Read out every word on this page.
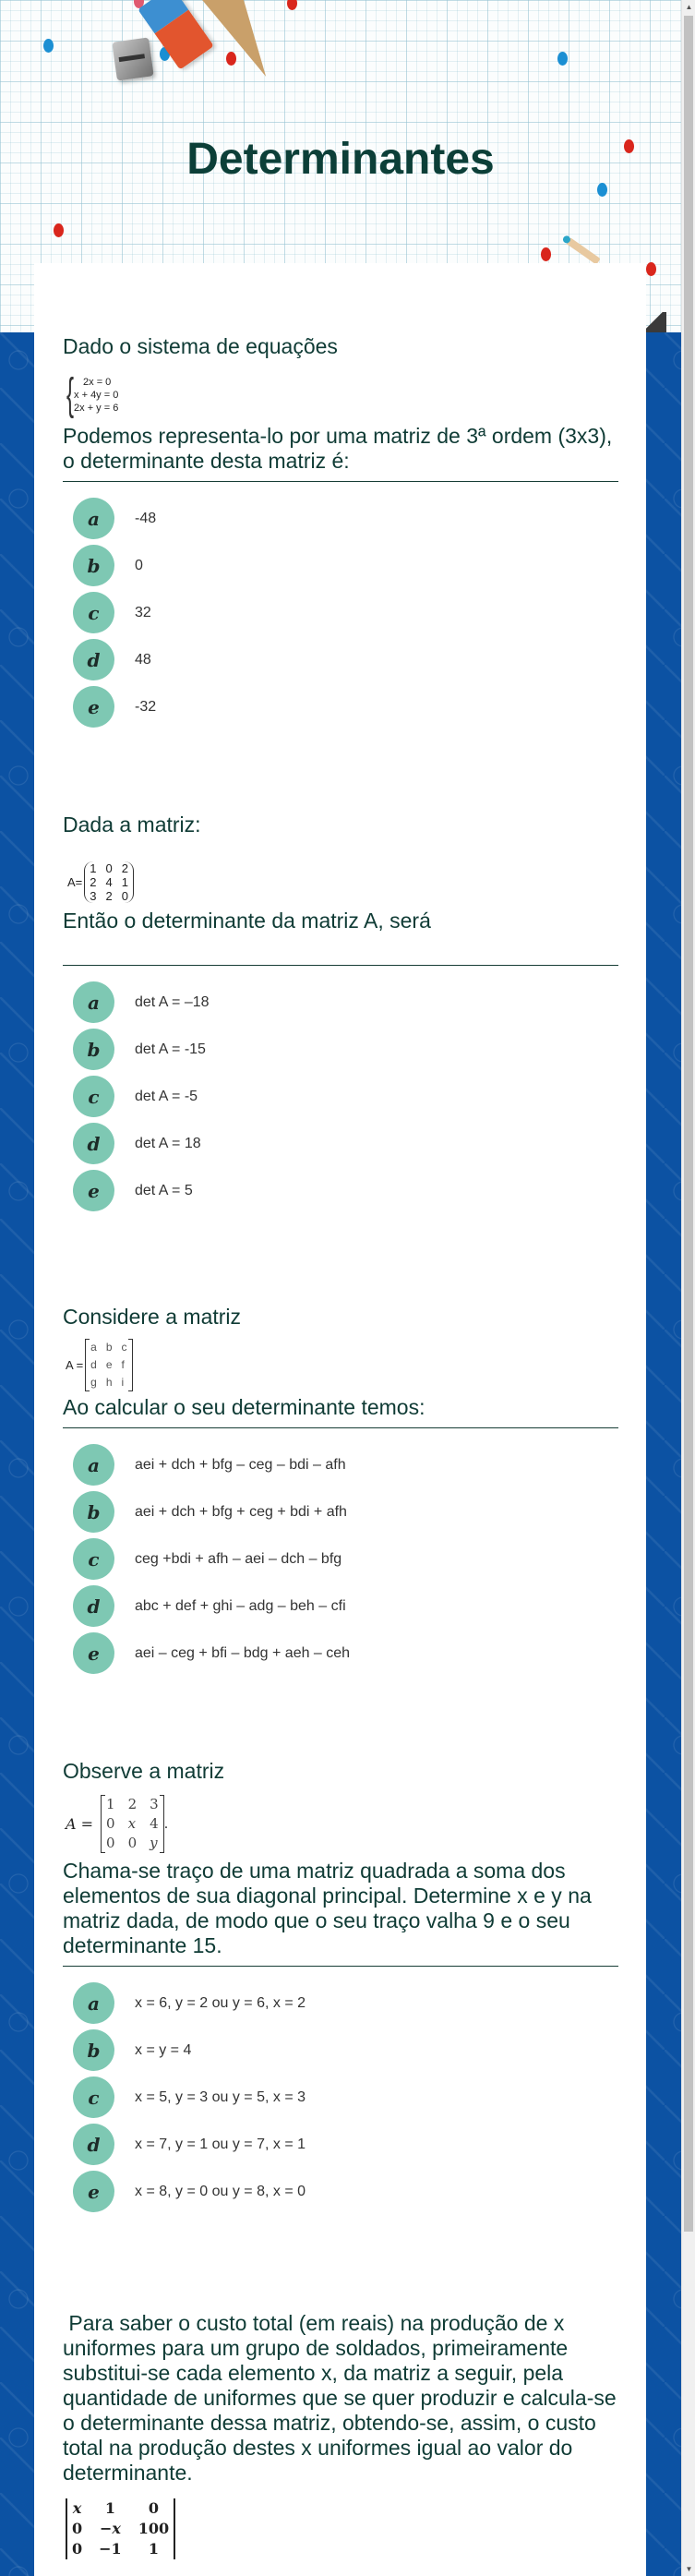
Determinantes
Dado o sistema de equações
{ 2x = 0
x + 4y = 0
2x + y = 6
Podemos representa-lo por uma matriz de 3ª ordem (3x3), o determinante desta matriz é:
a	-48
b	0
c	32
d	48
e	-32
Dada a matriz:
A=
1 0 2
2 4 1
3 2 0
Então o determinante da matriz A, será
a	det A = –18
b	det A = -15
c	det A = -5
d	det A = 18
e	det A = 5
Considere a matriz
A =
a b c
d e f
g h i
Ao calcular o seu determinante temos:
a	aei + dch + bfg – ceg – bdi – afh
b	aei + dch + bfg + ceg + bdi + afh
c	ceg +bdi + afh – aei – dch – bfg
d	abc + def + ghi – adg – beh – cfi
e	aei – ceg + bfi – bdg + aeh – ceh
Observe a matriz
A =
1 2 3
0 x 4
0 0 y
.
Chama-se traço de uma matriz quadrada a soma dos elementos de sua diagonal principal. Determine x e y na matriz dada, de modo que o seu traço valha 9 e o seu determinante 15.
a	x = 6, y = 2 ou y = 6, x = 2
b	x = y = 4
c	x = 5, y = 3 ou y = 5, x = 3
d	x = 7, y = 1 ou y = 7, x = 1
e	x = 8, y = 0 ou y = 8, x = 0
Para saber o custo total (em reais) na produção de x uniformes para um grupo de soldados, primeiramente substitui-se cada elemento x, da matriz a seguir, pela quantidade de uniformes que se quer produzir e calcula-se o determinante dessa matriz, obtendo-se, assim, o custo total na produção destes x uniformes igual ao valor do determinante.
x	1	0
0 −x 100
0 −1	1
▲
▼
